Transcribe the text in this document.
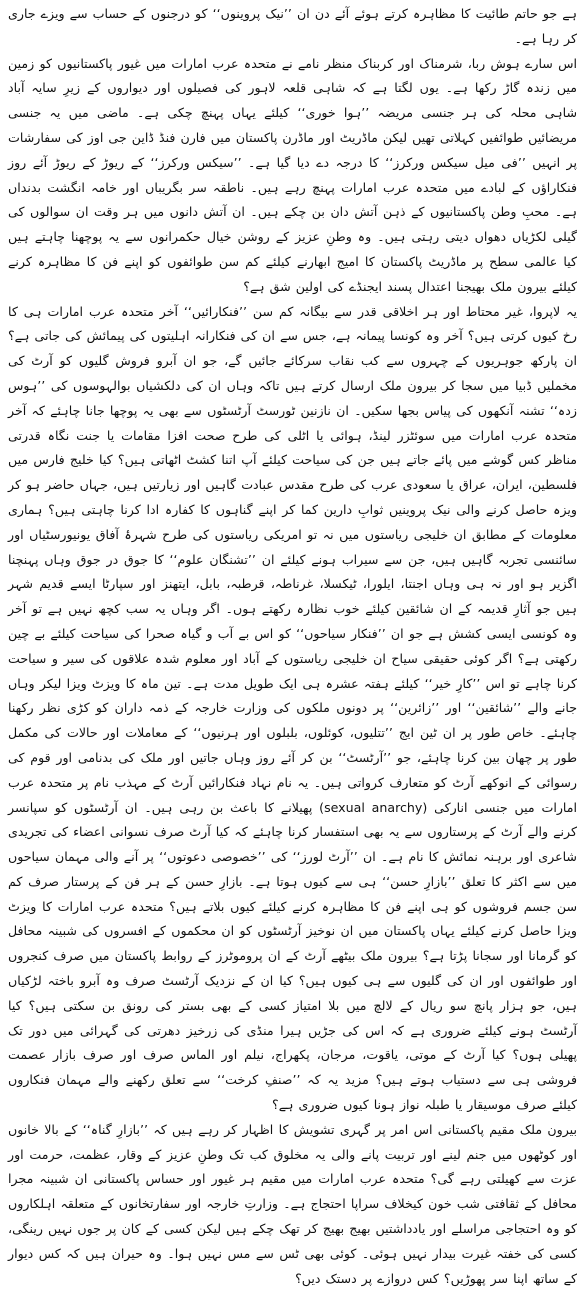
ہے جو حاتم طائیت کا مظاہرہ کرتے ہوئے آئے دن ان ’’نیک پروینوں‘‘ کو درجنوں کے حساب سے ویزے جاری کر رہا ہے۔

اس سارے ہوش ربا، شرمناک اور کربناک منظر نامے نے متحدہ عرب امارات میں غیور پاکستانیوں کو زمین میں زندہ گاڑ رکھا ہے۔ یوں لگتا ہے کہ شاہی قلعہ لاہور کی فصیلوں اور دیواروں کے زیرِ سایہ آباد شاہی محلہ کی ہر جنسی مریضہ ’’ہوا خوری‘‘ کیلئے یہاں پہنچ چکی ہے۔ ماضی میں یہ جنسی مریضائیں طوائفیں کہلاتی تھیں لیکن ماڈریٹ اور ماڈرن پاکستان میں فارن فنڈ ڈاین جی اوز کی سفارشات پر انہیں ’’فی میل سیکس ورکرز‘‘ کا درجہ دے دیا گیا ہے۔ ’’سیکس ورکرز‘‘ کے ریوڑ کے ریوڑ آئے روز فنکاراؤں کے لبادے میں متحدہ عرب امارات پہنچ رہے ہیں۔ ناطقہ سر بگریباں اور خامہ انگشت بدنداں ہے۔ محبِ وطن پاکستانیوں کے ذہن آتش دان بن چکے ہیں۔ ان آتش دانوں میں ہر وقت ان سوالوں کی گیلی لکڑیاں دھواں دیتی رہتی ہیں۔ وہ وطنِ عزیز کے روشن خیال حکمرانوں سے یہ پوچھنا چاہتے ہیں کیا عالمی سطح پر ماڈریٹ پاکستان کا امیج ابھارنے کیلئے کم سن طوائفوں کو اپنے فن کا مظاہرہ کرنے کیلئے بیرون ملک بھیجنا اعتدال پسند ایجنڈے کی اولین شق ہے؟

یہ لاپروا، غیر محتاط اور ہر اخلاقی قدر سے بیگانہ کم سن ’’فنکارائیں‘‘ آخر متحدہ عرب امارات ہی کا رخ کیوں کرتی ہیں؟ آخر وہ کونسا پیمانہ ہے، جس سے ان کی فنکارانہ اہلیتوں کی پیمائش کی جاتی ہے؟ ان پارکھ جوہریوں کے چہروں سے کب نقاب سرکائے جائیں گے، جو ان آبرو فروش گلیوں کو آرٹ کی مخملیں ڈبیا میں سجا کر بیرون ملک ارسال کرتے ہیں تاکہ وہاں ان کی دلکشیاں بوالہوسوں کی ’’ہوس زدہ‘‘ تشنہ آنکھوں کی پیاس بجھا سکیں۔ ان نازنین ٹورسٹ آرٹسٹوں سے بھی یہ پوچھا جانا چاہئے کہ آخر متحدہ عرب امارات میں سوئٹزر لینڈ، ہوائی یا اٹلی کی طرح صحت افزا مقامات یا جنت نگاہ قدرتی مناظر کس گوشے میں پائے جاتے ہیں جن کی سیاحت کیلئے آپ اتنا کشٹ اٹھاتی ہیں؟ کیا خلیج فارس میں فلسطین، ایران، عراق یا سعودی عرب کی طرح مقدس عبادت گاہیں اور زیارتیں ہیں، جہاں حاضر ہو کر ویزہ حاصل کرنے والی نیک پروینیں ثوابِ دارین کما کر اپنے گناہوں کا کفارہ ادا کرنا چاہتی ہیں؟ ہماری معلومات کے مطابق ان خلیجی ریاستوں میں نہ تو امریکی ریاستوں کی طرح شہرۂ آفاق یونیورسٹیاں اور سائنسی تجربہ گاہیں ہیں، جن سے سیراب ہونے کیلئے ان ’’تشنگان علوم‘‘ کا جوق در جوق وہاں پہنچنا اگزیر ہو اور نہ ہی وہاں اجنتا، ایلورا، ٹیکسلا، غرناطہ، قرطبہ، بابل، ایتھنز اور سپارٹا ایسے قدیم شہر ہیں جو آثارِ قدیمہ کے ان شائقین کیلئے خوب نظارہ رکھتے ہوں۔ اگر وہاں یہ سب کچھ نہیں ہے تو آخر وہ کونسی ایسی کشش ہے جو ان ’’فنکار سیاحوں‘‘ کو اس بے آب و گیاہ صحرا کی سیاحت کیلئے بے چین رکھتی ہے؟ اگر کوئی حقیقی سیاح ان خلیجی ریاستوں کے آباد اور معلوم شدہ علاقوں کی سیر و سیاحت کرنا چاہے تو اس ’’کارِ خیر‘‘ کیلئے ہفتہ عشرہ ہی ایک طویل مدت ہے۔ تین ماہ کا ویزٹ ویزا لیکر وہاں جانے والے ’’شائقین‘‘ اور ’’زائرین‘‘ پر دونوں ملکوں کی وزارت خارجہ کے ذمہ داران کو کڑی نظر رکھنا چاہئے۔ خاص طور پر ان ٹین ایج ’’تتلیوں، کوئلوں، بلبلوں اور ہرنیوں‘‘ کے معاملات اور حالات کی مکمل طور پر چھان بین کرنا چاہئے، جو ’’آرٹسٹ‘‘ بن کر آئے روز وہاں جاتیں اور ملک کی بدنامی اور قوم کی رسوائی کے انوکھے آرٹ کو متعارف کرواتی ہیں۔ یہ نام نہاد فنکارائیں آرٹ کے مہذب نام پر متحدہ عرب امارات میں جنسی انارکی (sexual anarchy) پھیلانے کا باعث بن رہی ہیں۔ ان آرٹسٹوں کو سپانسر کرنے والے آرٹ کے پرستاروں سے یہ بھی استفسار کرنا چاہئے کہ کیا آرٹ صرف نسوانی اعضاء کی تجریدی شاعری اور برہنہ نمائش کا نام ہے۔ ان ’’آرٹ لورز‘‘ کی ’’خصوصی دعوتوں‘‘ پر آنے والی مہمان سیاحوں میں سے اکثر کا تعلق ’’بازارِ حسن‘‘ ہی سے کیوں ہوتا ہے۔ بازارِ حسن کے ہر فن کے پرستار صرف کم سن جسم فروشوں کو ہی اپنے فن کا مظاہرہ کرنے کیلئے کیوں بلاتے ہیں؟ متحدہ عرب امارات کا ویزٹ ویزا حاصل کرنے کیلئے یہاں پاکستان میں ان نوخیز آرٹسٹوں کو ان محکموں کے افسروں کی شبینہ محافل کو گرمانا اور سجانا پڑتا ہے؟ بیرون ملک بیٹھے آرٹ کے ان پروموٹرز کے روابط پاکستان میں صرف کنجروں اور طوائفوں اور ان کی گلیوں سے ہی کیوں ہیں؟ کیا ان کے نزدیک آرٹسٹ صرف وہ آبرو باختہ لڑکیاں ہیں، جو ہزار پانچ سو ریال کے لالچ میں بلا امتیاز کسی کے بھی بستر کی رونق بن سکتی ہیں؟ کیا آرٹسٹ ہونے کیلئے ضروری ہے کہ اس کی جڑیں ہیرا منڈی کی زرخیز دھرتی کی گہرائی میں دور تک پھیلی ہوں؟ کیا آرٹ کے موتی، یاقوت، مرجان، پکھراج، نیلم اور الماس صرف اور صرف بازار عصمت فروشی ہی سے دستیاب ہوتے ہیں؟ مزید یہ کہ ’’صنفِ کرخت‘‘ سے تعلق رکھنے والے مہمان فنکاروں کیلئے صرف موسیقار یا طبلہ نواز ہونا کیوں ضروری ہے؟

بیرون ملک مقیم پاکستانی اس امر پر گہری تشویش کا اظہار کر رہے ہیں کہ ’’بازارِ گناہ‘‘ کے بالا خانوں اور کوٹھوں میں جنم لینے اور تربیت پانے والی یہ مخلوق کب تک وطنِ عزیز کے وقار، عظمت، حرمت اور عزت سے کھیلتی رہے گی؟ متحدہ عرب امارات میں مقیم ہر غیور اور حساس پاکستانی ان شبینہ مجرا محافل کے ثقافتی شب خون کیخلاف سراپا احتجاج ہے۔ وزارتِ خارجہ اور سفارتخانوں کے متعلقہ اہلکاروں کو وہ احتجاجی مراسلے اور یادداشتیں بھیج بھیج کر تھک چکے ہیں لیکن کسی کے کان پر جوں نہیں رینگی، کسی کی خفتہ غیرت بیدار نہیں ہوئی۔ کوئی بھی ٹس سے مس نہیں ہوا۔ وہ حیران ہیں کہ کس دیوار کے ساتھ اپنا سر پھوڑیں؟ کس دروازے پر دستک دیں؟
